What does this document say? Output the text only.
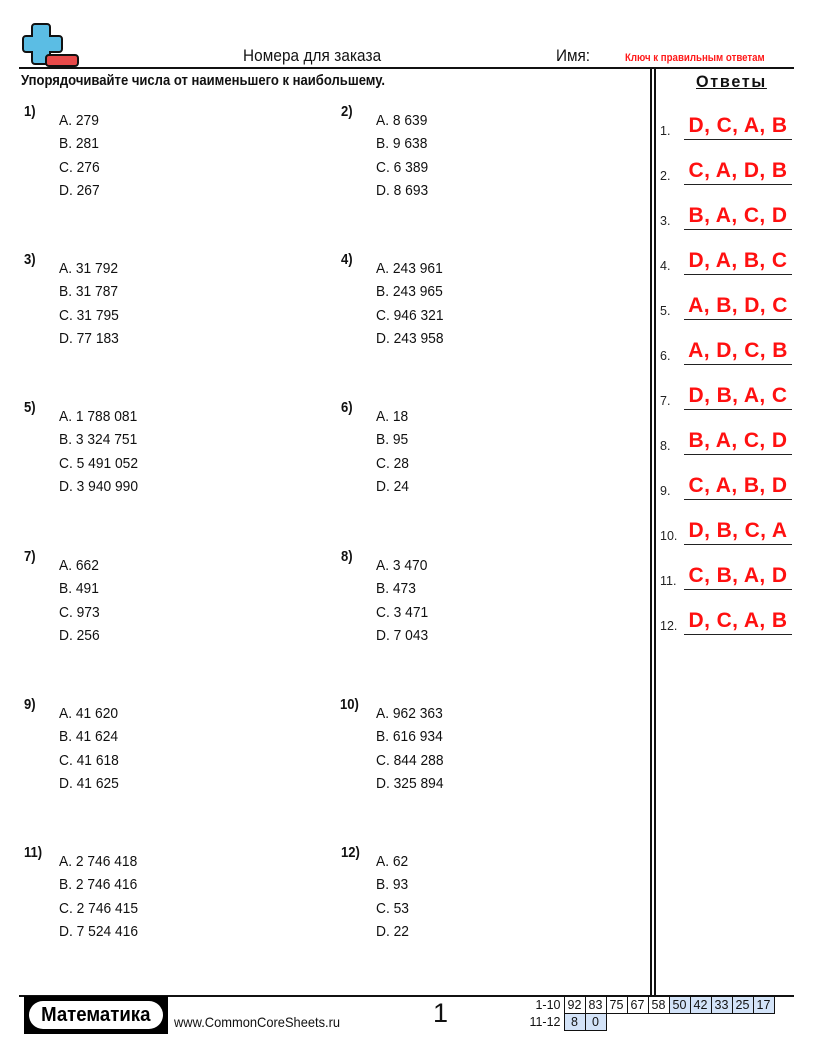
Номера для заказа	Имя:	Ключ к правильным ответам
Упорядочивайте числа от наименьшего к наибольшему.	Ответы
1. D, C, A, B
2. C, A, D, B
3. B, A, C, D
4. D, A, B, C
5. A, B, D, C
6. A, D, C, B
7. D, B, A, C
8. B, A, C, D
9. C, A, B, D
10. D, B, C, A
11. C, B, A, D
12. D, C, A, B
1) A. 279
B. 281
C. 276
D. 267
2) A. 8 639
B. 9 638
C. 6 389
D. 8 693
3) A. 31 792
B. 31 787
C. 31 795
D. 77 183
4) A. 243 961
B. 243 965
C. 946 321
D. 243 958
5) A. 1 788 081
B. 3 324 751
C. 5 491 052
D. 3 940 990
6) A. 18
B. 95
C. 28
D. 24
7) A. 662
B. 491
C. 973
D. 256
8) A. 3 470
B. 473
C. 3 471
D. 7 043
9) A. 41 620
B. 41 624
C. 41 618
D. 41 625
10) A. 962 363
B. 616 934
C. 844 288
D. 325 894
11) A. 2 746 418
B. 2 746 416
C. 2 746 415
D. 7 524 416
12) A. 62
B. 93
C. 53
D. 22
Математика www.CommonCoreSheets.ru	1	1-10	92	83	75	67	58	50	42	33	25	17
11-12	8	0								
